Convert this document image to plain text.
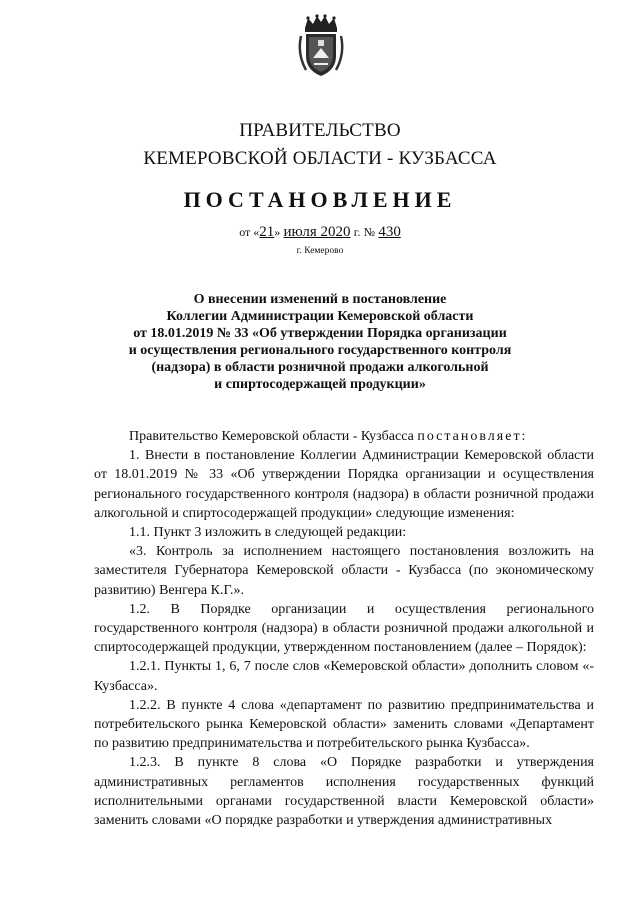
ПРАВИТЕЛЬСТВО
КЕМЕРОВСКОЙ ОБЛАСТИ - КУЗБАССА
ПОСТАНОВЛЕНИЕ
от «21» июля 2020 г. № 430
г. Кемерово
О внесении изменений в постановление
Коллегии Администрации Кемеровской области
от 18.01.2019 № 33 «Об утверждении Порядка организации
и осуществления регионального государственного контроля
(надзора) в области розничной продажи алкогольной
и спиртосодержащей продукции»

Правительство Кемеровской области - Кузбасса постановляет:

1. Внести в постановление Коллегии Администрации Кемеровской области от 18.01.2019 № 33 «Об утверждении Порядка организации и осуществления регионального государственного контроля (надзора) в области розничной продажи алкогольной и спиртосодержащей продукции» следующие изменения:

1.1. Пункт 3 изложить в следующей редакции:

«3. Контроль за исполнением настоящего постановления возложить на заместителя Губернатора Кемеровской области - Кузбасса (по экономическому развитию) Венгера К.Г.».

1.2. В Порядке организации и осуществления регионального государственного контроля (надзора) в области розничной продажи алкогольной и спиртосодержащей продукции, утвержденном постановлением (далее – Порядок):

1.2.1. Пункты 1, 6, 7 после слов «Кемеровской области» дополнить словом «-Кузбасса».

1.2.2. В пункте 4 слова «департамент по развитию предпринимательства и потребительского рынка Кемеровской области» заменить словами «Департамент по развитию предпринимательства и потребительского рынка Кузбасса».

1.2.3. В пункте 8 слова «О Порядке разработки и утверждения административных регламентов исполнения государственных функций исполнительными органами государственной власти Кемеровской области» заменить словами «О порядке разработки и утверждения административных
